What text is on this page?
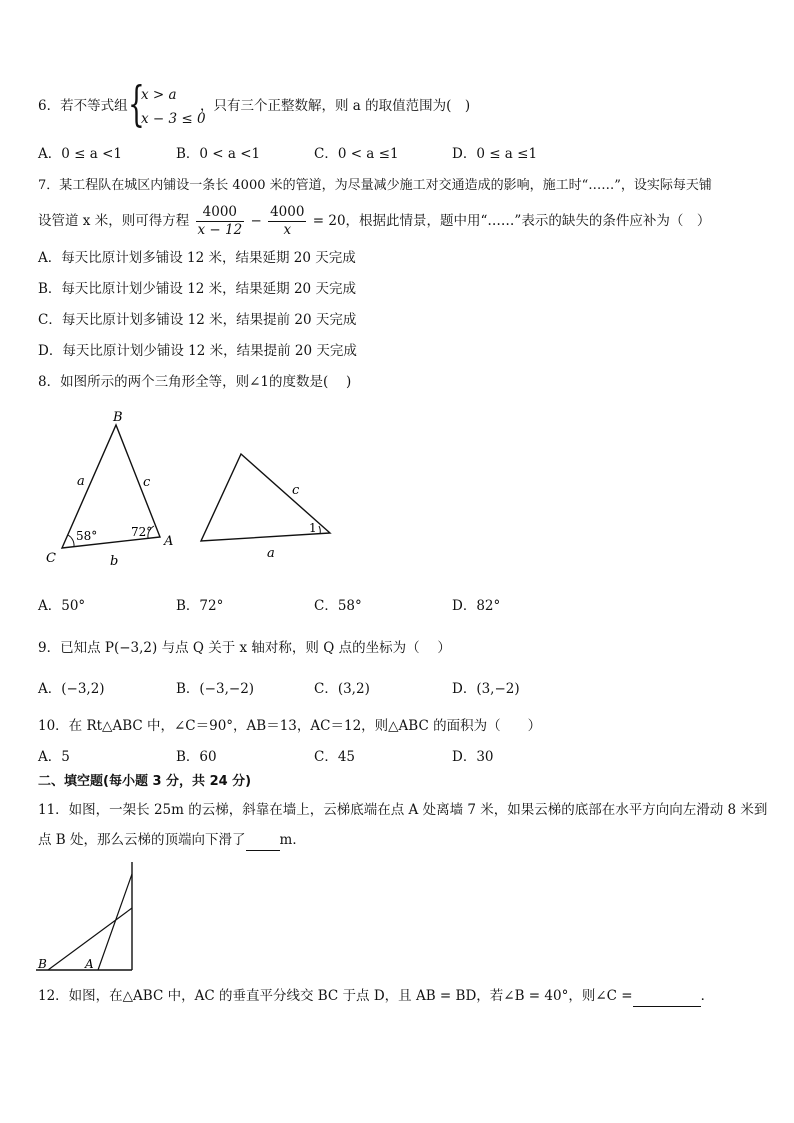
6．若不等式组 {
x > a
x − 3 ≤ 0
，只有三个正整数解，则 a 的取值范围为(　)
A．0 ≤ a <1	B．0 < a <1	C．0 < a ≤1	D．0 ≤ a ≤1
7．某工程队在城区内铺设一条长 4000 米的管道，为尽量减少施工对交通造成的影响，施工时“……”，设实际每天铺
设管道 x 米，则可得方程 $\frac{4000}{x - 12} - \frac{4000}{x} = 20$，根据此情景，题中用“……”表示的缺失的条件应补为（　）
A．每天比原计划多铺设 12 米，结果延期 20 天完成
B．每天比原计划少铺设 12 米，结果延期 20 天完成
C．每天比原计划多铺设 12 米，结果提前 20 天完成
D．每天比原计划少铺设 12 米，结果提前 20 天完成
8．如图所示的两个三角形全等，则∠1的度数是(　 )
B
C
A
a	c
b
58°	72°
c
a
1
A．50°	B．72°	C．58°	D．82°
9．已知点 P(−3,2) 与点 Q 关于 x 轴对称，则 Q 点的坐标为（　 ）
A．(−3,2)	B．(−3,−2)	C．(3,2)	D．(3,−2)
10．在 Rt△ABC 中，∠C＝90°，AB＝13，AC＝12，则△ABC 的面积为（　　）
A．5	B．60	C．45	D．30
二、填空题(每小题 3 分，共 24 分)
11．如图，一架长 25m 的云梯，斜靠在墙上，云梯底端在点 A 处离墙 7 米，如果云梯的底部在水平方向向左滑动 8 米到
点 B 处，那么云梯的顶端向下滑了	m．
B	A
12．如图，在△ABC 中，AC 的垂直平分线交 BC 于点 D，且 AB = BD，若∠B = 40°，则∠C =	．
